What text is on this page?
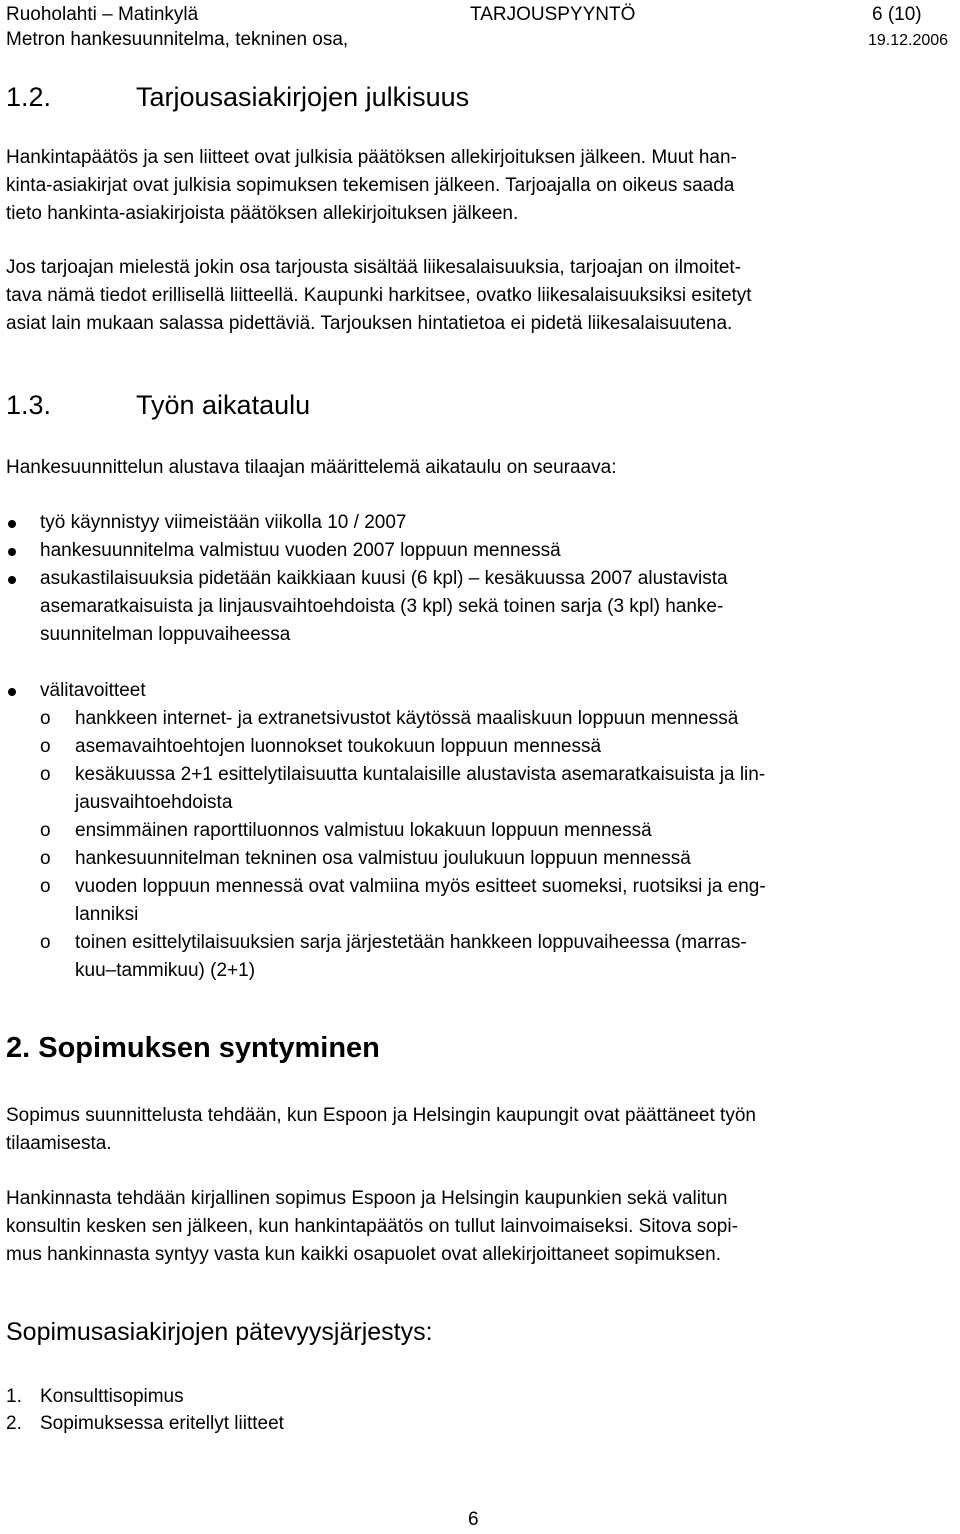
Ruoholahti – Matinkylä
Metron hankesuunnitelma, tekninen osa,
TARJOUSPYYNTÖ	6 (10)
19.12.2006
1.2.	Tarjousasiakirjojen julkisuus
Hankintapäätös ja sen liitteet ovat julkisia päätöksen allekirjoituksen jälkeen. Muut han-
kinta-asiakirjat ovat julkisia sopimuksen tekemisen jälkeen. Tarjoajalla on oikeus saada
tieto hankinta-asiakirjoista päätöksen allekirjoituksen jälkeen.
Jos tarjoajan mielestä jokin osa tarjousta sisältää liikesalaisuuksia, tarjoajan on ilmoitet-
tava nämä tiedot erillisellä liitteellä. Kaupunki harkitsee, ovatko liikesalaisuuksiksi esitetyt
asiat lain mukaan salassa pidettäviä. Tarjouksen hintatietoa ei pidetä liikesalaisuutena.
1.3.	Työn aikataulu
Hankesuunnittelun alustava tilaajan määrittelemä aikataulu on seuraava:
työ käynnistyy viimeistään viikolla 10 / 2007
hankesuunnitelma valmistuu vuoden 2007 loppuun mennessä
asukastilaisuuksia pidetään kaikkiaan kuusi (6 kpl) – kesäkuussa 2007 alustavista
asemaratkaisuista ja linjausvaihtoehdoista (3 kpl) sekä toinen sarja (3 kpl) hanke-
suunnitelman loppuvaiheessa
välitavoitteet
o hankkeen internet- ja extranetsivustot käytössä maaliskuun loppuun mennessä
o asemavaihtoehtojen luonnokset toukokuun loppuun mennessä
o kesäkuussa 2+1 esittelytilaisuutta kuntalaisille alustavista asemaratkaisuista ja lin-
jausvaihtoehdoista
o ensimmäinen raporttiluonnos valmistuu lokakuun loppuun mennessä
o hankesuunnitelman tekninen osa valmistuu joulukuun loppuun mennessä
o vuoden loppuun mennessä ovat valmiina myös esitteet suomeksi, ruotsiksi ja eng-
lanniksi
o toinen esittelytilaisuuksien sarja järjestetään hankkeen loppuvaiheessa (marras-
kuu–tammikuu) (2+1)
2. Sopimuksen syntyminen
Sopimus suunnittelusta tehdään, kun Espoon ja Helsingin kaupungit ovat päättäneet työn
tilaamisesta.
Hankinnasta tehdään kirjallinen sopimus Espoon ja Helsingin kaupunkien sekä valitun
konsultin kesken sen jälkeen, kun hankintapäätös on tullut lainvoimaiseksi. Sitova sopi-
mus hankinnasta syntyy vasta kun kaikki osapuolet ovat allekirjoittaneet sopimuksen.
Sopimusasiakirjojen pätevyysjärjestys:
1. Konsulttisopimus
2. Sopimuksessa eritellyt liitteet
6
